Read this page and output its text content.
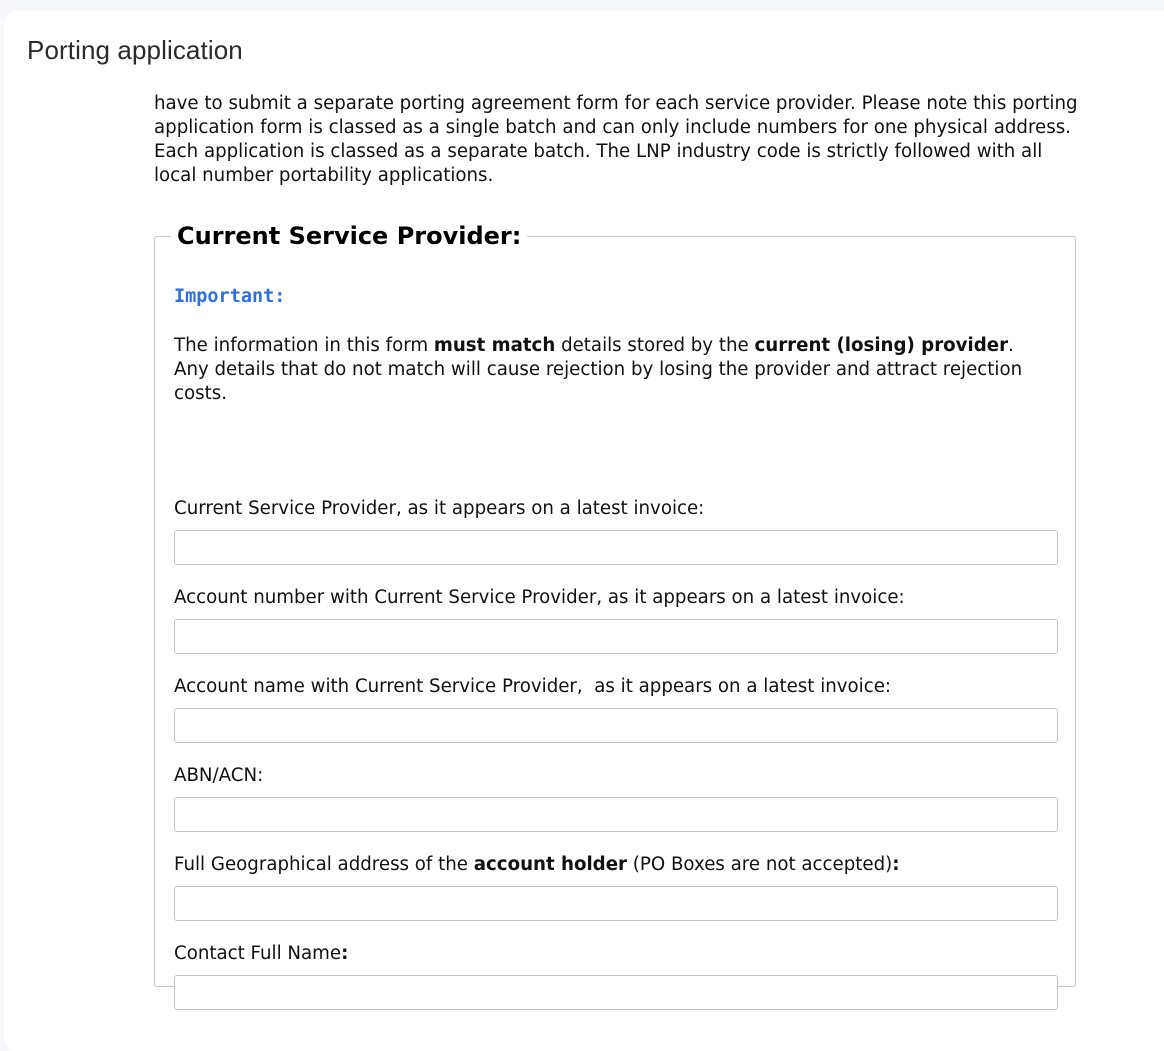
Porting application

have to submit a separate porting agreement form for each service provider. Please note this porting application form is classed as a single batch and can only include numbers for one physical address. Each application is classed as a separate batch. The LNP industry code is strictly followed with all local number portability applications.

Current Service Provider:

Important:

The information in this form must match details stored by the current (losing) provider. Any details that do not match will cause rejection by losing the provider and attract rejection costs.

Current Service Provider, as it appears on a latest invoice:
Account number with Current Service Provider, as it appears on a latest invoice:
Account name with Current Service Provider,  as it appears on a latest invoice:
ABN/ACN:
Full Geographical address of the account holder (PO Boxes are not accepted):
Contact Full Name:
